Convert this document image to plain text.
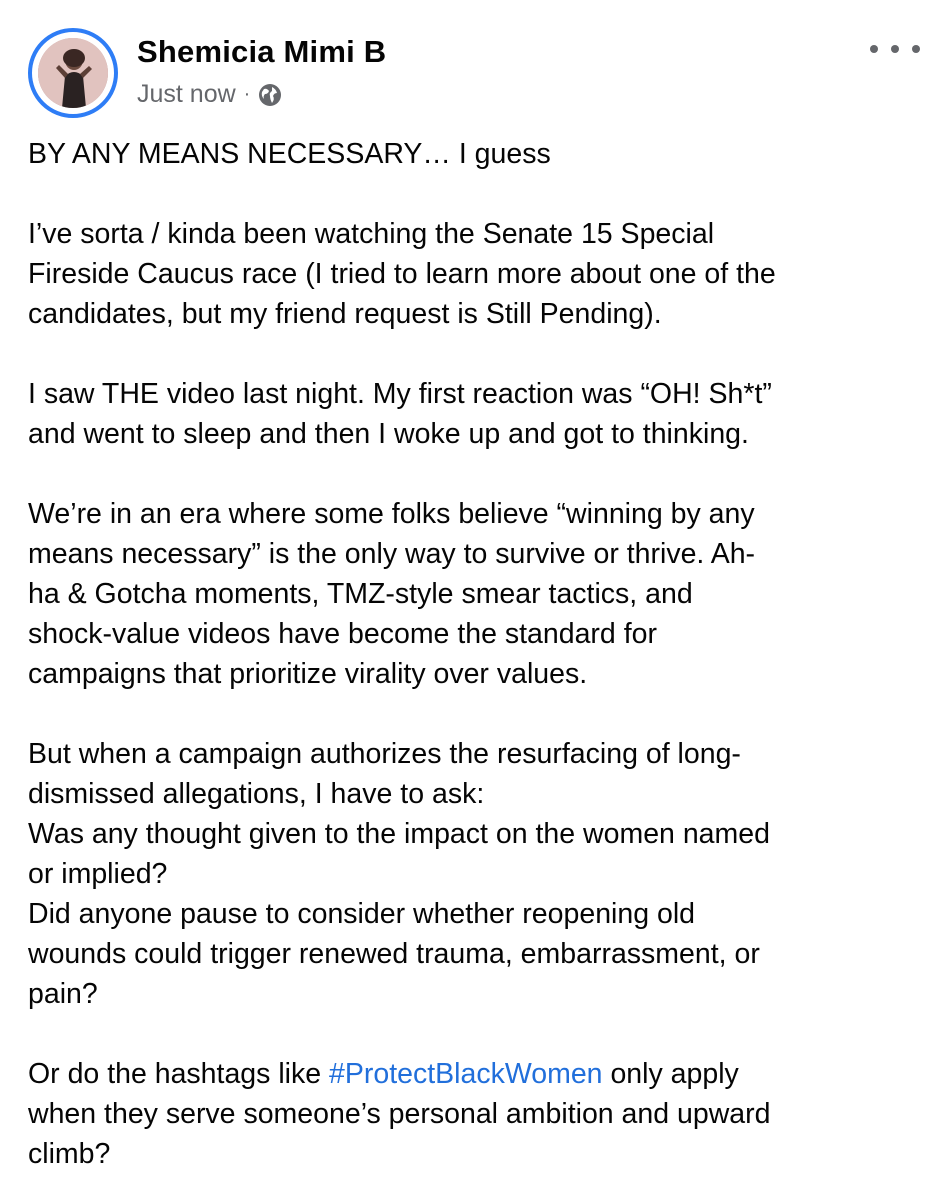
Shemicia Mimi B
Just now ·

BY ANY MEANS NECESSARY… I guess

I’ve sorta / kinda been watching the Senate 15 Special
Fireside Caucus race (I tried to learn more about one of the
candidates, but my friend request is Still Pending).

I saw THE video last night. My first reaction was “OH! Sh*t”
and went to sleep and then I woke up and got to thinking.

We’re in an era where some folks believe “winning by any
means necessary” is the only way to survive or thrive. Ah-
ha & Gotcha moments, TMZ-style smear tactics, and
shock-value videos have become the standard for
campaigns that prioritize virality over values.

But when a campaign authorizes the resurfacing of long-
dismissed allegations, I have to ask:
Was any thought given to the impact on the women named
or implied?
Did anyone pause to consider whether reopening old
wounds could trigger renewed trauma, embarrassment, or
pain?

Or do the hashtags like #ProtectBlackWomen only apply
when they serve someone’s personal ambition and upward
climb?
